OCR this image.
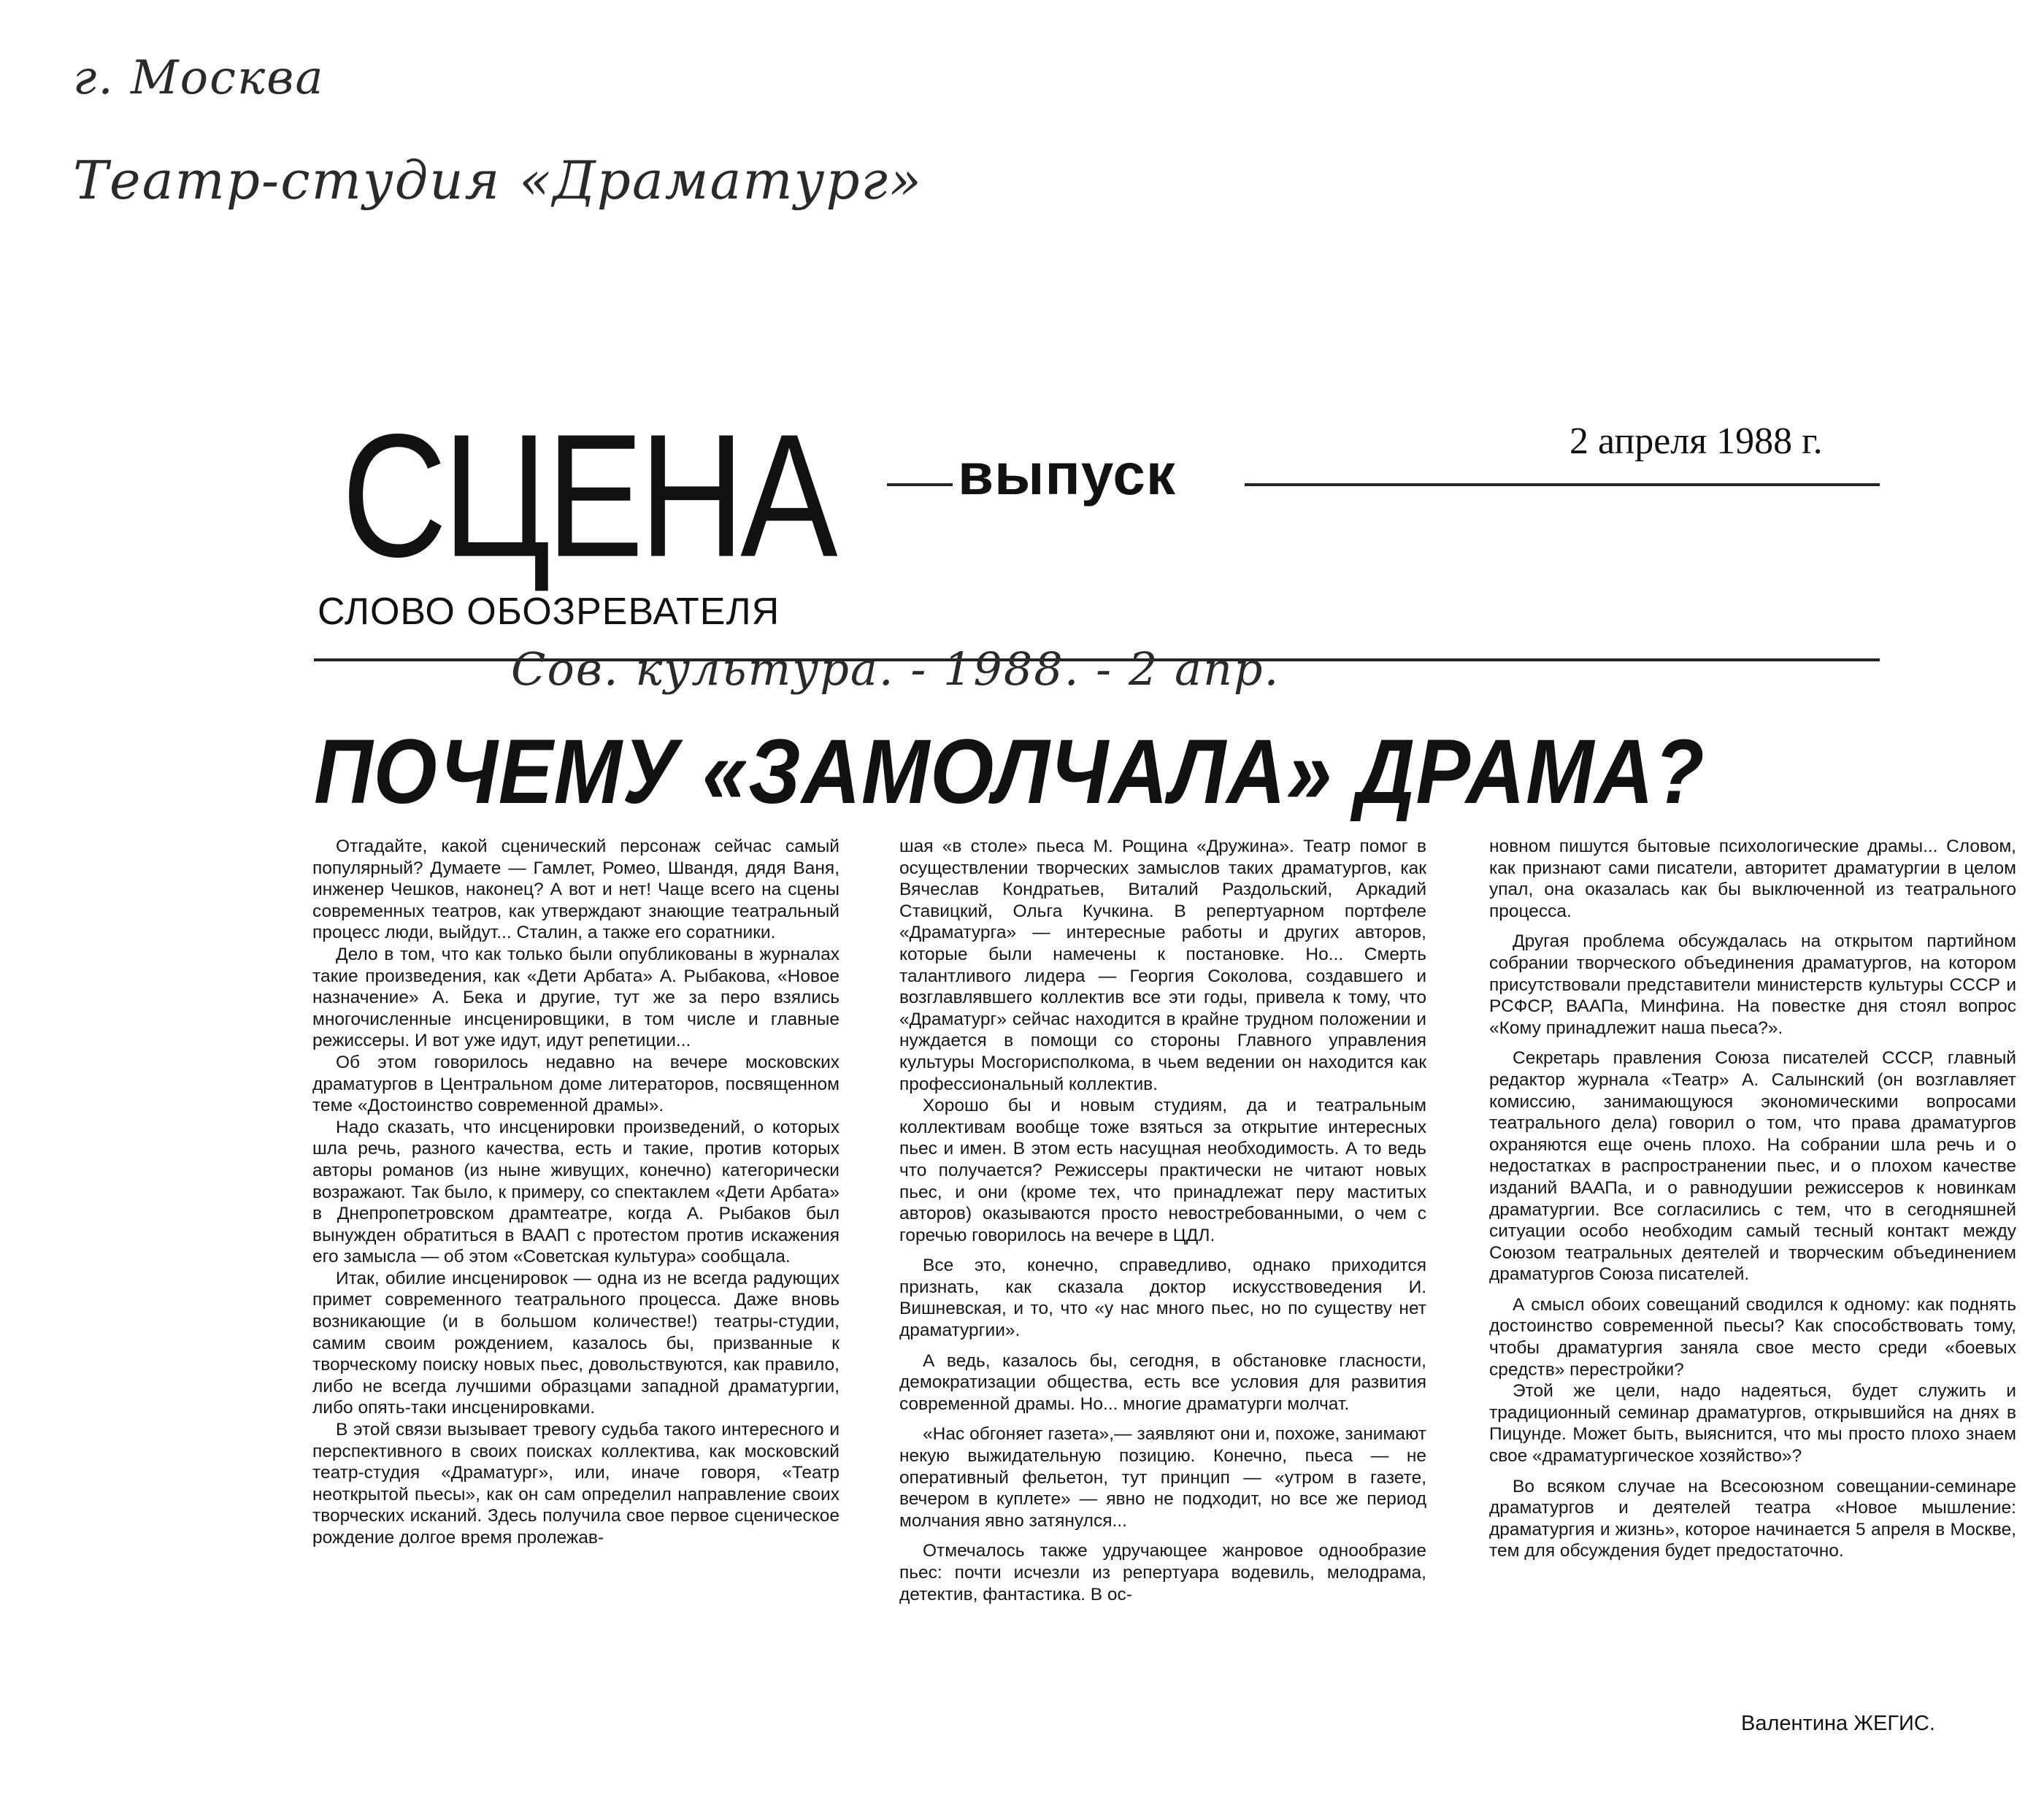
г. Москва
Театр-студия «Драматург»
СЦЕНА выпуск
2 апреля 1988 г.
СЛОВО ОБОЗРЕВАТЕЛЯ
Сов. культура. - 1988. - 2 апр.
ПОЧЕМУ «ЗАМОЛЧАЛА» ДРАМА?

Отгадайте, какой сценический персонаж сейчас самый популярный? Думаете — Гамлет, Ромео, Швандя, дядя Ваня, инженер Чешков, наконец? А вот и нет! Чаще всего на сцены современных театров, как утверждают знающие театральный процесс люди, выйдут... Сталин, а также его соратники.

Дело в том, что как только были опубликованы в журналах такие произведения, как «Дети Арбата» А. Рыбакова, «Новое назначение» А. Бека и другие, тут же за перо взялись многочисленные инсценировщики, в том числе и главные режиссеры. И вот уже идут, идут репетиции...

Об этом говорилось недавно на вечере московских драматургов в Центральном доме литераторов, посвященном теме «Достоинство современной драмы».

Надо сказать, что инсценировки произведений, о которых шла речь, разного качества, есть и такие, против которых авторы романов (из ныне живущих, конечно) категорически возражают. Так было, к примеру, со спектаклем «Дети Арбата» в Днепропетровском драмтеатре, когда А. Рыбаков был вынужден обратиться в ВААП с протестом против искажения его замысла — об этом «Советская культура» сообщала.

Итак, обилие инсценировок — одна из не всегда радующих примет современного театрального процесса. Даже вновь возникающие (и в большом количестве!) театры-студии, самим своим рождением, казалось бы, призванные к творческому поиску новых пьес, довольствуются, как правило, либо не всегда лучшими образцами западной драматургии, либо опять-таки инсценировками.

В этой связи вызывает тревогу судьба такого интересного и перспективного в своих поисках коллектива, как московский театр-студия «Драматург», или, иначе говоря, «Театр неоткрытой пьесы», как он сам определил направление своих творческих исканий. Здесь получила свое первое сценическое рождение долгое время пролежав-

шая «в столе» пьеса М. Рощина «Дружина». Театр помог в осуществлении творческих замыслов таких драматургов, как Вячеслав Кондратьев, Виталий Раздольский, Аркадий Ставицкий, Ольга Кучкина. В репертуарном портфеле «Драматурга» — интересные работы и других авторов, которые были намечены к постановке. Но... Смерть талантливого лидера — Георгия Соколова, создавшего и возглавлявшего коллектив все эти годы, привела к тому, что «Драматург» сейчас находится в крайне трудном положении и нуждается в помощи со стороны Главного управления культуры Мосгорисполкома, в чьем ведении он находится как профессиональный коллектив.

Хорошо бы и новым студиям, да и театральным коллективам вообще тоже взяться за открытие интересных пьес и имен. В этом есть насущная необходимость. А то ведь что получается? Режиссеры практически не читают новых пьес, и они (кроме тех, что принадлежат перу маститых авторов) оказываются просто невостребованными, о чем с горечью говорилось на вечере в ЦДЛ.

Все это, конечно, справедливо, однако приходится признать, как сказала доктор искусствоведения И. Вишневская, и то, что «у нас много пьес, но по существу нет драматургии».

А ведь, казалось бы, сегодня, в обстановке гласности, демократизации общества, есть все условия для развития современной драмы. Но... многие драматурги молчат.

«Нас обгоняет газета»,— заявляют они и, похоже, занимают некую выжидательную позицию. Конечно, пьеса — не оперативный фельетон, тут принцип — «утром в газете, вечером в куплете» — явно не подходит, но все же период молчания явно затянулся...

Отмечалось также удручающее жанровое однообразие пьес: почти исчезли из репертуара водевиль, мелодрама, детектив, фантастика. В ос-

новном пишутся бытовые психологические драмы... Словом, как признают сами писатели, авторитет драматургии в целом упал, она оказалась как бы выключенной из театрального процесса.

Другая проблема обсуждалась на открытом партийном собрании творческого объединения драматургов, на котором присутствовали представители министерств культуры СССР и РСФСР, ВААПа, Минфина. На повестке дня стоял вопрос «Кому принадлежит наша пьеса?».

Секретарь правления Союза писателей СССР, главный редактор журнала «Театр» А. Салынский (он возглавляет комиссию, занимающуюся экономическими вопросами театрального дела) говорил о том, что права драматургов охраняются еще очень плохо. На собрании шла речь и о недостатках в распространении пьес, и о плохом качестве изданий ВААПа, и о равнодушии режиссеров к новинкам драматургии. Все согласились с тем, что в сегодняшней ситуации особо необходим самый тесный контакт между Союзом театральных деятелей и творческим объединением драматургов Союза писателей.

А смысл обоих совещаний сводился к одному: как поднять достоинство современной пьесы? Как способствовать тому, чтобы драматургия заняла свое место среди «боевых средств» перестройки?

Этой же цели, надо надеяться, будет служить и традиционный семинар драматургов, открывшийся на днях в Пицунде. Может быть, выяснится, что мы просто плохо знаем свое «драматургическое хозяйство»?

Во всяком случае на Всесоюзном совещании-семинаре драматургов и деятелей театра «Новое мышление: драматургия и жизнь», которое начинается 5 апреля в Москве, тем для обсуждения будет предостаточно.

Валентина ЖЕГИС.
